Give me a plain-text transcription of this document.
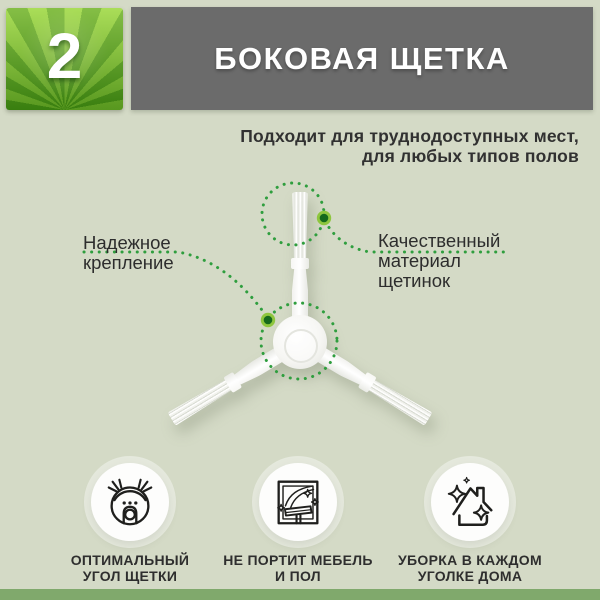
2	БОКОВАЯ ЩЕТКА
Подходит для труднодоступных мест,
для любых типов полов
Надежное
крепление
Качественный
материал
щетинок
ОПТИМАЛЬНЫЙ
УГОЛ ЩЕТКИ
НЕ ПОРТИТ МЕБЕЛЬ
И ПОЛ
УБОРКА В КАЖДОМ
УГОЛКЕ ДОМА
